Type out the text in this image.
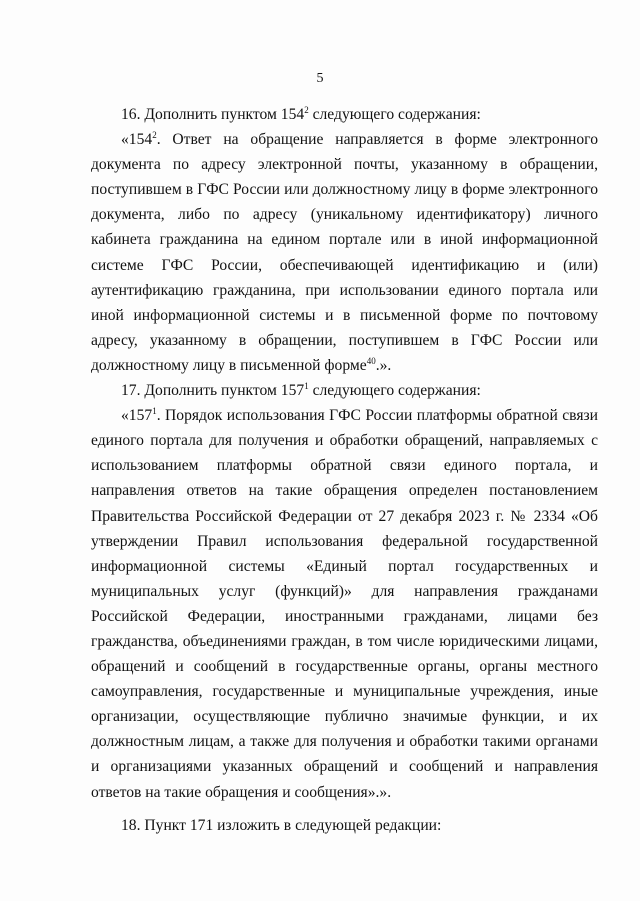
5

16. Дополнить пунктом $154^2$ следующего содержания:

«$154^2$. Ответ на обращение направляется в форме электронного документа по адресу электронной почты, указанному в обращении, поступившем в ГФС России или должностному лицу в форме электронного документа, либо по адресу (уникальному идентификатору) личного кабинета гражданина на едином портале или в иной информационной системе ГФС России, обеспечивающей идентификацию и (или) аутентификацию гражданина, при использовании единого портала или иной информационной системы и в письменной форме по почтовому адресу, указанному в обращении, поступившем в ГФС России или должностному лицу в письменной форме$^{40}$.».

17. Дополнить пунктом $157^1$ следующего содержания:

«$157^1$. Порядок использования ГФС России платформы обратной связи единого портала для получения и обработки обращений, направляемых с использованием платформы обратной связи единого портала, и направления ответов на такие обращения определен постановлением Правительства Российской Федерации от 27 декабря 2023 г. № 2334 «Об утверждении Правил использования федеральной государственной информационной системы «Единый портал государственных и муниципальных услуг (функций)» для направления гражданами Российской Федерации, иностранными гражданами, лицами без гражданства, объединениями граждан, в том числе юридическими лицами, обращений и сообщений в государственные органы, органы местного самоуправления, государственные и муниципальные учреждения, иные организации, осуществляющие публично значимые функции, и их должностным лицам, а также для получения и обработки такими органами и организациями указанных обращений и сообщений и направления ответов на такие обращения и сообщения».».

18. Пункт 171 изложить в следующей редакции:
